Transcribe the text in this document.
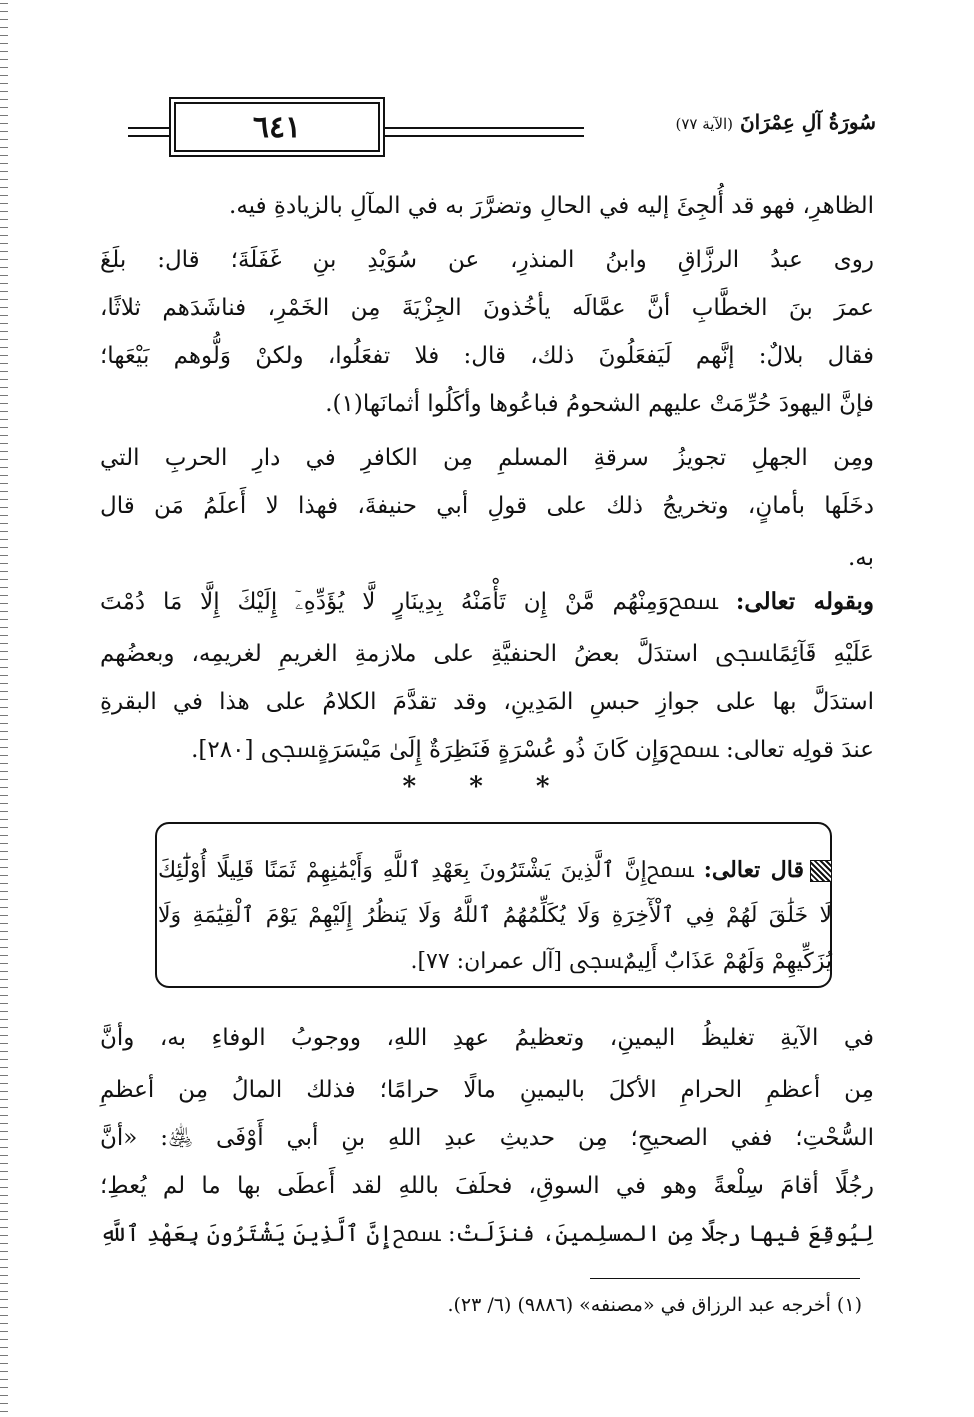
٦٤١	سُورَةُ آلِ عِمْرَانَ (الآية ٧٧)
الظاهرِ، فهو قد أُلجِئَ إليه في الحالِ وتضرَّرَ به في المآلِ بالزيادةِ فيه.
روى عبدُ الرزَّاقِ وابنُ المنذرِ، عن سُوَيْدِ بنِ غَفَلَةَ؛ قال: بلَغَ
عمرَ بنَ الخطَّابِ أنَّ عمَّالَه يأخُذونَ الجِزْيَةَ مِن الخَمْرِ، فناشَدَهم ثلاثًا،
فقال بلالٌ: إنَّهم لَيَفعَلُونَ ذلك، قال: فلا تفعَلُوا، ولكنْ وَلُّوهم بَيْعَها؛
فإنَّ اليهودَ حُرِّمَتْ عليهم الشحومُ فباعُوها وأكَلُوا أثمانَها(١).
ومِن الجهلِ تجويزُ سرقةِ المسلمِ مِن الكافرِ في دارِ الحربِ التي
دخَلَها بأمانٍ، وتخريجُ ذلك على قولِ أبي حنيفةَ، فهذا لا أَعلَمُ مَن قال
به.
وبقوله تعالى: ﵟوَمِنْهُم مَّنْ إِن تَأْمَنْهُ بِدِينَارٍ لَّا يُؤَدِّهِۦٓ إِلَيْكَ إِلَّا مَا دُمْتَ
عَلَيْهِ قَآئِمًاﵞ استدَلَّ بعضُ الحنفيَّةِ على ملازمةِ الغريمِ لغريمِه، وبعضُهم
استدَلَّ بها على جوازِ حبسِ المَدِينِ، وقد تقدَّمَ الكلامُ على هذا في البقرةِ
عندَ قولِه تعالى: ﵟوَإِن كَانَ ذُو عُسْرَةٍ فَنَظِرَةٌ إِلَىٰ مَيْسَرَةٍﵞ [٢٨٠].
* * *
قال تعالى: ﵟإِنَّ ٱلَّذِينَ يَشْتَرُونَ بِعَهْدِ ٱللَّهِ وَأَيْمَٰنِهِمْ ثَمَنًا قَلِيلًا أُوْلَٰٓئِكَ
لَا خَلَٰقَ لَهُمْ فِي ٱلْأٓخِرَةِ وَلَا يُكَلِّمُهُمُ ٱللَّهُ وَلَا يَنظُرُ إِلَيْهِمْ يَوْمَ ٱلْقِيَٰمَةِ وَلَا
يُزَكِّيهِمْ وَلَهُمْ عَذَابٌ أَلِيمٌﵞ [آل عمران: ٧٧].
في الآيةِ تغليظُ اليمينِ، وتعظيمُ عهدِ اللهِ، ووجوبُ الوفاءِ به، وأنَّ
مِن أعظمِ الحرامِ الأكلَ باليمينِ مالًا حرامًا؛ فذلك المالُ مِن أعظمِ
السُّحْتِ؛ ففي الصحيحِ؛ مِن حديثِ عبدِ اللهِ بنِ أبي أَوْفَى ﵁: «أنَّ
رجُلًا أقامَ سِلْعةً وهو في السوقِ، فحلَفَ باللهِ لقد أَعطَى بها ما لم يُعطِ؛
لِيُوقِعَ فيها رجلًا مِن المسلِمينَ، فنزَلَتْ: ﵟإِنَّ ٱلَّذِينَ يَشْتَرُونَ بِعَهْدِ ٱللَّهِ
(١) أخرجه عبد الرزاق في «مصنفه» (٩٨٨٦) (٦/ ٢٣).
